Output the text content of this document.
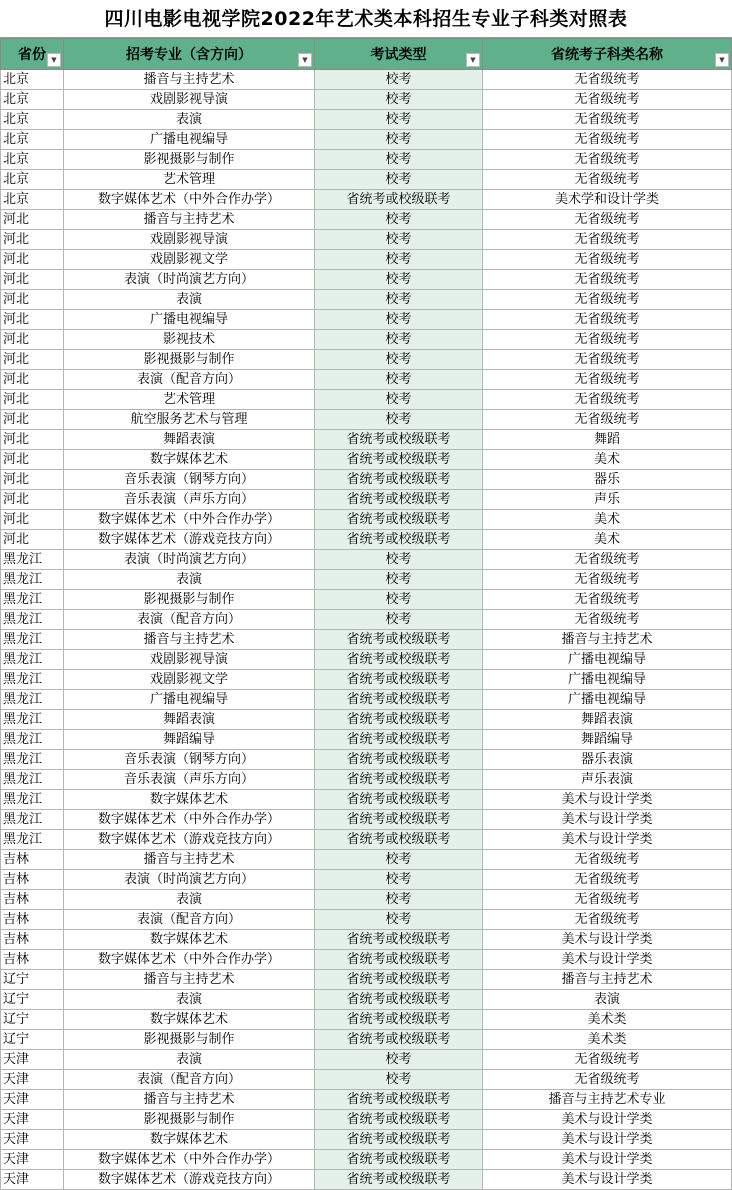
四川电影电视学院2022年艺术类本科招生专业子科类对照表
省份 ▼	招考专业（含方向） ▼	考试类型 ▼	省统考子科类名称 ▼

北京	播音与主持艺术	校考	无省级统考
北京	戏剧影视导演	校考	无省级统考
北京	表演	校考	无省级统考
北京	广播电视编导	校考	无省级统考
北京	影视摄影与制作	校考	无省级统考
北京	艺术管理	校考	无省级统考
北京	数字媒体艺术（中外合作办学）	省统考或校级联考	美术学和设计学类
河北	播音与主持艺术	校考	无省级统考
河北	戏剧影视导演	校考	无省级统考
河北	戏剧影视文学	校考	无省级统考
河北	表演（时尚演艺方向）	校考	无省级统考
河北	表演	校考	无省级统考
河北	广播电视编导	校考	无省级统考
河北	影视技术	校考	无省级统考
河北	影视摄影与制作	校考	无省级统考
河北	表演（配音方向）	校考	无省级统考
河北	艺术管理	校考	无省级统考
河北	航空服务艺术与管理	校考	无省级统考
河北	舞蹈表演	省统考或校级联考	舞蹈
河北	数字媒体艺术	省统考或校级联考	美术
河北	音乐表演（钢琴方向）	省统考或校级联考	器乐
河北	音乐表演（声乐方向）	省统考或校级联考	声乐
河北	数字媒体艺术（中外合作办学）	省统考或校级联考	美术
河北	数字媒体艺术（游戏竞技方向）	省统考或校级联考	美术
黑龙江	表演（时尚演艺方向）	校考	无省级统考
黑龙江	表演	校考	无省级统考
黑龙江	影视摄影与制作	校考	无省级统考
黑龙江	表演（配音方向）	校考	无省级统考
黑龙江	播音与主持艺术	省统考或校级联考	播音与主持艺术
黑龙江	戏剧影视导演	省统考或校级联考	广播电视编导
黑龙江	戏剧影视文学	省统考或校级联考	广播电视编导
黑龙江	广播电视编导	省统考或校级联考	广播电视编导
黑龙江	舞蹈表演	省统考或校级联考	舞蹈表演
黑龙江	舞蹈编导	省统考或校级联考	舞蹈编导
黑龙江	音乐表演（钢琴方向）	省统考或校级联考	器乐表演
黑龙江	音乐表演（声乐方向）	省统考或校级联考	声乐表演
黑龙江	数字媒体艺术	省统考或校级联考	美术与设计学类
黑龙江	数字媒体艺术（中外合作办学）	省统考或校级联考	美术与设计学类
黑龙江	数字媒体艺术（游戏竞技方向）	省统考或校级联考	美术与设计学类
吉林	播音与主持艺术	校考	无省级统考
吉林	表演（时尚演艺方向）	校考	无省级统考
吉林	表演	校考	无省级统考
吉林	表演（配音方向）	校考	无省级统考
吉林	数字媒体艺术	省统考或校级联考	美术与设计学类
吉林	数字媒体艺术（中外合作办学）	省统考或校级联考	美术与设计学类
辽宁	播音与主持艺术	省统考或校级联考	播音与主持艺术
辽宁	表演	省统考或校级联考	表演
辽宁	数字媒体艺术	省统考或校级联考	美术类
辽宁	影视摄影与制作	省统考或校级联考	美术类
天津	表演	校考	无省级统考
天津	表演（配音方向）	校考	无省级统考
天津	播音与主持艺术	省统考或校级联考	播音与主持艺术专业
天津	影视摄影与制作	省统考或校级联考	美术与设计学类
天津	数字媒体艺术	省统考或校级联考	美术与设计学类
天津	数字媒体艺术（中外合作办学）	省统考或校级联考	美术与设计学类
天津	数字媒体艺术（游戏竞技方向）	省统考或校级联考	美术与设计学类
